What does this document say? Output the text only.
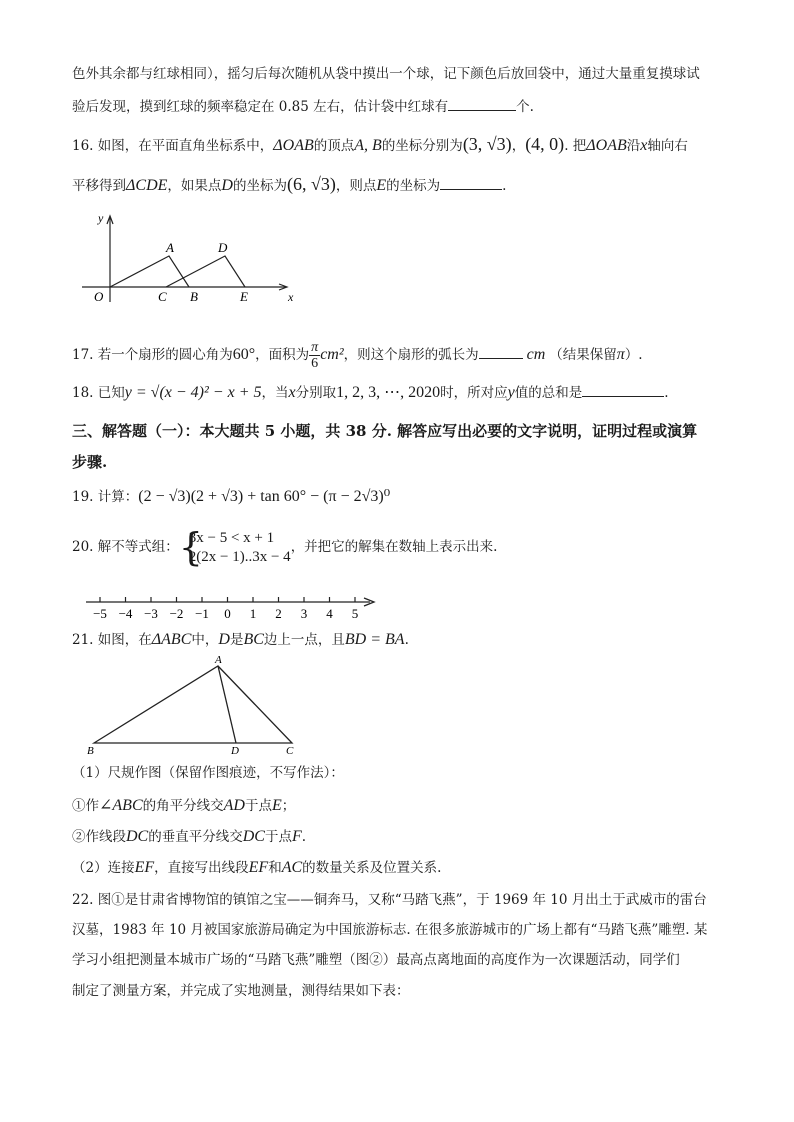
色外其余都与红球相同），摇匀后每次随机从袋中摸出一个球，记下颜色后放回袋中，通过大量重复摸球试
验后发现，摸到红球的频率稳定在 0.85 左右，估计袋中红球有	个.
16. 如图，在平面直角坐标系中，ΔOAB的顶点A, B的坐标分别为(3, √3)，(4, 0). 把ΔOAB沿x轴向右
平移得到ΔCDE，如果点D的坐标为(6, √3)，则点E的坐标为	.
y
O
A
C B
D
E	x
17. 若一个扇形的圆心角为60°，面积为 $\frac{\pi}{6} cm^2$，则这个扇形的弧长为	cm （结果保留π）.
18. 已知y = √(x − 4)² − x + 5，当x分别取1, 2, 3, ⋯, 2020时，所对应y值的总和是	.
三、解答题（一）：本大题共 5 小题，共 38 分. 解答应写出必要的文字说明，证明过程或演算
步骤.
19. 计算：(2 − √3)(2 + √3) + tan 60° − (π − 2√3)⁰
20. 解不等式组： {
3x − 5 < x + 1
2(2x − 1)..3x − 4
，并把它的解集在数轴上表示出来.
−5 −4 −3 −2 −1 0 1 2 3 4 5
21. 如图，在ΔABC中，D是BC边上一点，且BD = BA.
A
B	D	C
（1）尺规作图（保留作图痕迹，不写作法）：
①作∠ABC的角平分线交AD于点E；
②作线段DC的垂直平分线交DC于点F.
（2）连接EF，直接写出线段EF和AC的数量关系及位置关系.
22. 图①是甘肃省博物馆的镇馆之宝——铜奔马，又称“马踏飞燕”，于 1969 年 10 月出土于武威市的雷台
汉墓，1983 年 10 月被国家旅游局确定为中国旅游标志. 在很多旅游城市的广场上都有“马踏飞燕”雕塑. 某
学习小组把测量本城市广场的“马踏飞燕”雕塑（图②）最高点离地面的高度作为一次课题活动，同学们
制定了测量方案，并完成了实地测量，测得结果如下表：
